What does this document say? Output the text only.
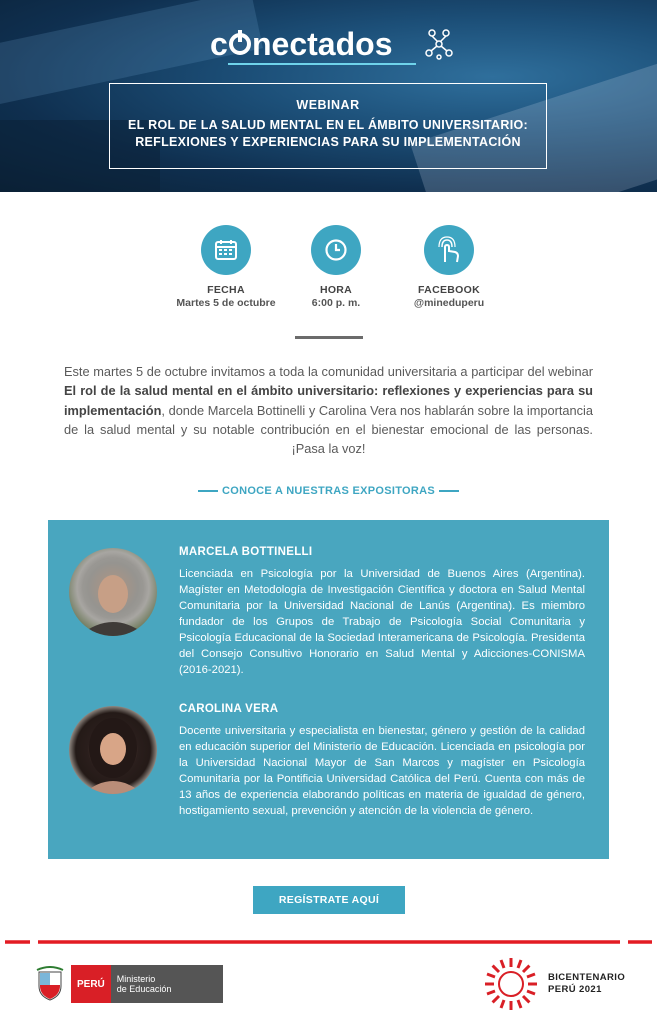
c nectados
WEBINAR
EL ROL DE LA SALUD MENTAL EN EL ÁMBITO UNIVERSITARIO:
REFLEXIONES Y EXPERIENCIAS PARA SU IMPLEMENTACIÓN
FECHA
Martes 5 de octubre
HORA
6:00 p. m.
FACEBOOK
@mineduperu

Este martes 5 de octubre invitamos a toda la comunidad universitaria a participar del webinar El rol de la salud mental en el ámbito universitario: reflexiones y experiencias para su implementación, donde Marcela Bottinelli y Carolina Vera nos hablarán sobre la importancia de la salud mental y su notable contribución en el bienestar emocional de las personas. ¡Pasa la voz!

CONOCE A NUESTRAS EXPOSITORAS
MARCELA BOTTINELLI
Licenciada en Psicología por la Universidad de Buenos Aires (Argentina). Magíster en Metodología de Investigación Científica y doctora en Salud Mental Comunitaria por la Universidad Nacional de Lanús (Argentina). Es miembro fundador de los Grupos de Trabajo de Psicología Social Comunitaria y Psicología Educacional de la Sociedad Interamericana de Psicología. Presidenta del Consejo Consultivo Honorario en Salud Mental y Adicciones-CONISMA (2016-2021).
CAROLINA VERA
Docente universitaria y especialista en bienestar, género y gestión de la calidad en educación superior del Ministerio de Educación. Licenciada en psicología por la Universidad Nacional Mayor de San Marcos y magíster en Psicología Comunitaria por la Pontificia Universidad Católica del Perú. Cuenta con más de 13 años de experiencia elaborando políticas en materia de igualdad de género, hostigamiento sexual, prevención y atención de la violencia de género.
REGÍSTRATE AQUÍ
PERÚ	Ministerio
de Educación
BICENTENARIO
PERÚ 2021
